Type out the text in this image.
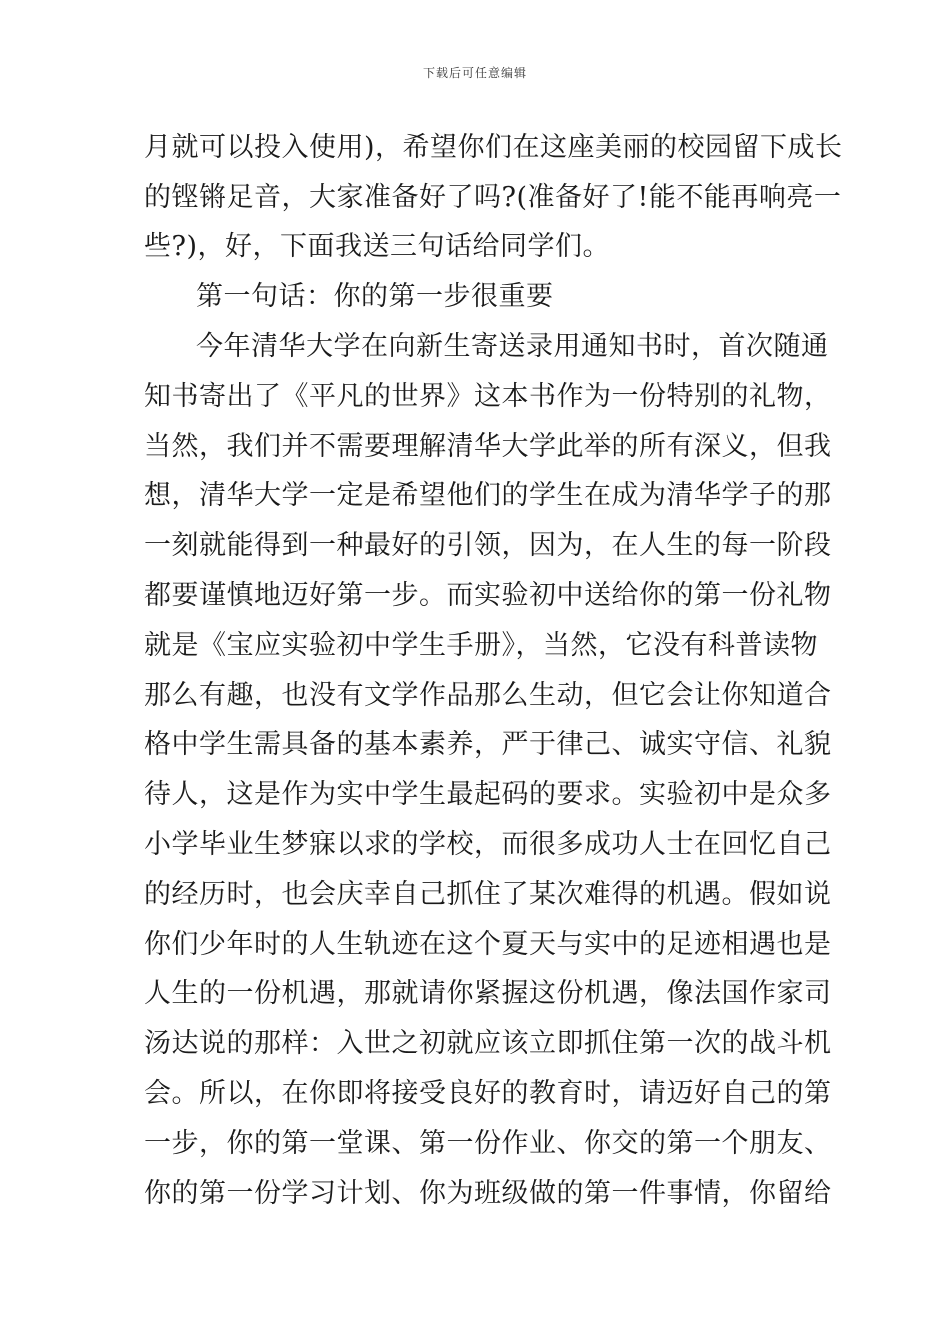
下载后可任意编辑
月就可以投入使用)，希望你们在这座美丽的校园留下成长
的铿锵足音，大家准备好了吗?(准备好了!能不能再响亮一
些?)，好，下面我送三句话给同学们。
第一句话：你的第一步很重要
今年清华大学在向新生寄送录用通知书时，首次随通
知书寄出了《平凡的世界》这本书作为一份特别的礼物，
当然，我们并不需要理解清华大学此举的所有深义，但我
想，清华大学一定是希望他们的学生在成为清华学子的那
一刻就能得到一种最好的引领，因为，在人生的每一阶段
都要谨慎地迈好第一步。而实验初中送给你的第一份礼物
就是《宝应实验初中学生手册》，当然，它没有科普读物
那么有趣，也没有文学作品那么生动，但它会让你知道合
格中学生需具备的基本素养，严于律己、诚实守信、礼貌
待人，这是作为实中学生最起码的要求。实验初中是众多
小学毕业生梦寐以求的学校，而很多成功人士在回忆自己
的经历时，也会庆幸自己抓住了某次难得的机遇。假如说
你们少年时的人生轨迹在这个夏天与实中的足迹相遇也是
人生的一份机遇，那就请你紧握这份机遇，像法国作家司
汤达说的那样：入世之初就应该立即抓住第一次的战斗机
会。所以，在你即将接受良好的教育时，请迈好自己的第
一步，你的第一堂课、第一份作业、你交的第一个朋友、
你的第一份学习计划、你为班级做的第一件事情，你留给
